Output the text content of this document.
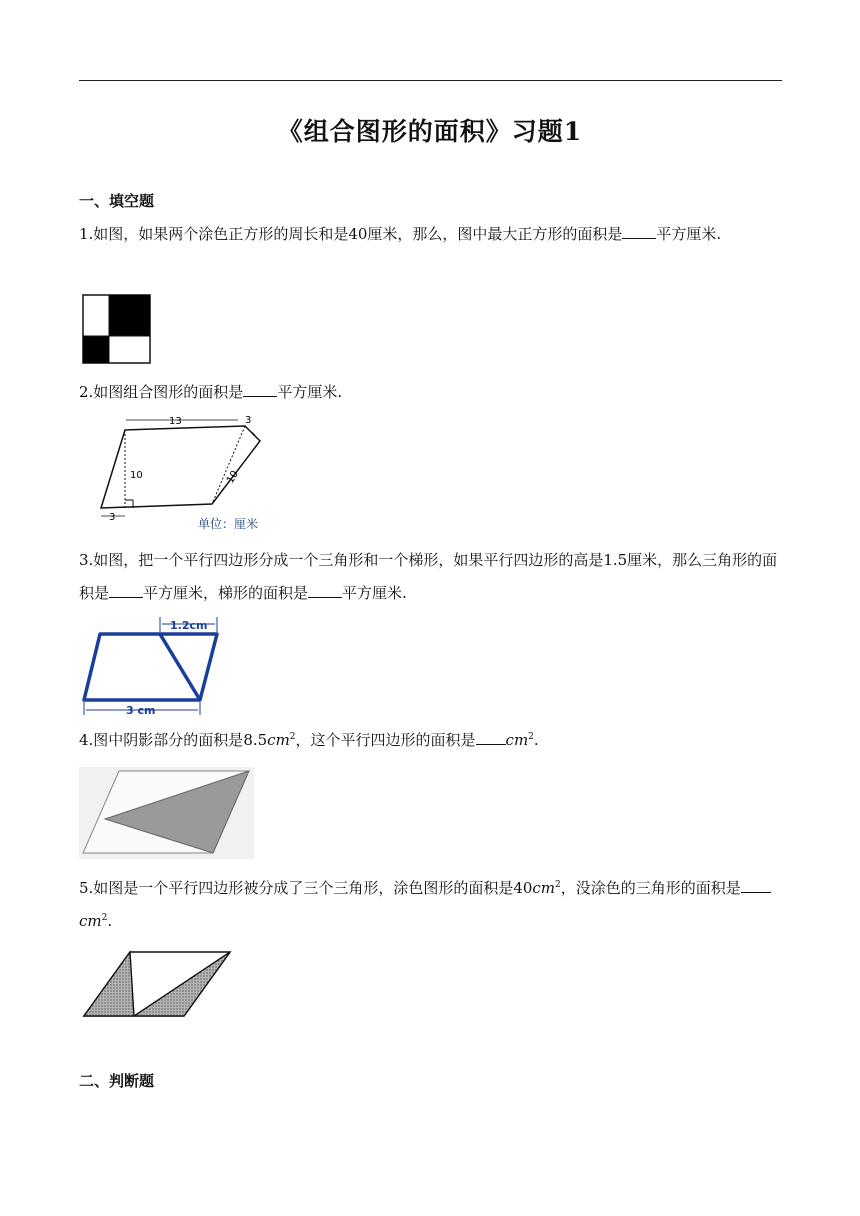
《组合图形的面积》习题1
一、填空题
1.如图，如果两个涂色正方形的周长和是40厘米，那么，图中最大正方形的面积是 平方厘米.
2.如图组合图形的面积是 平方厘米.
13	3
10	10
3	单位：厘米
3.如图，把一个平行四边形分成一个三角形和一个梯形，如果平行四边形的高是1.5厘米，那么三角形的面积是 平方厘米，梯形的面积是 平方厘米.
1.2cm
3 cm
4.图中阴影部分的面积是$8.5cm^2$，这个平行四边形的面积是 $cm^2$.
5.如图是一个平行四边形被分成了三个三角形，涂色图形的面积是$40cm^2$，没涂色的三角形的面积是$cm^2$.
二、判断题
